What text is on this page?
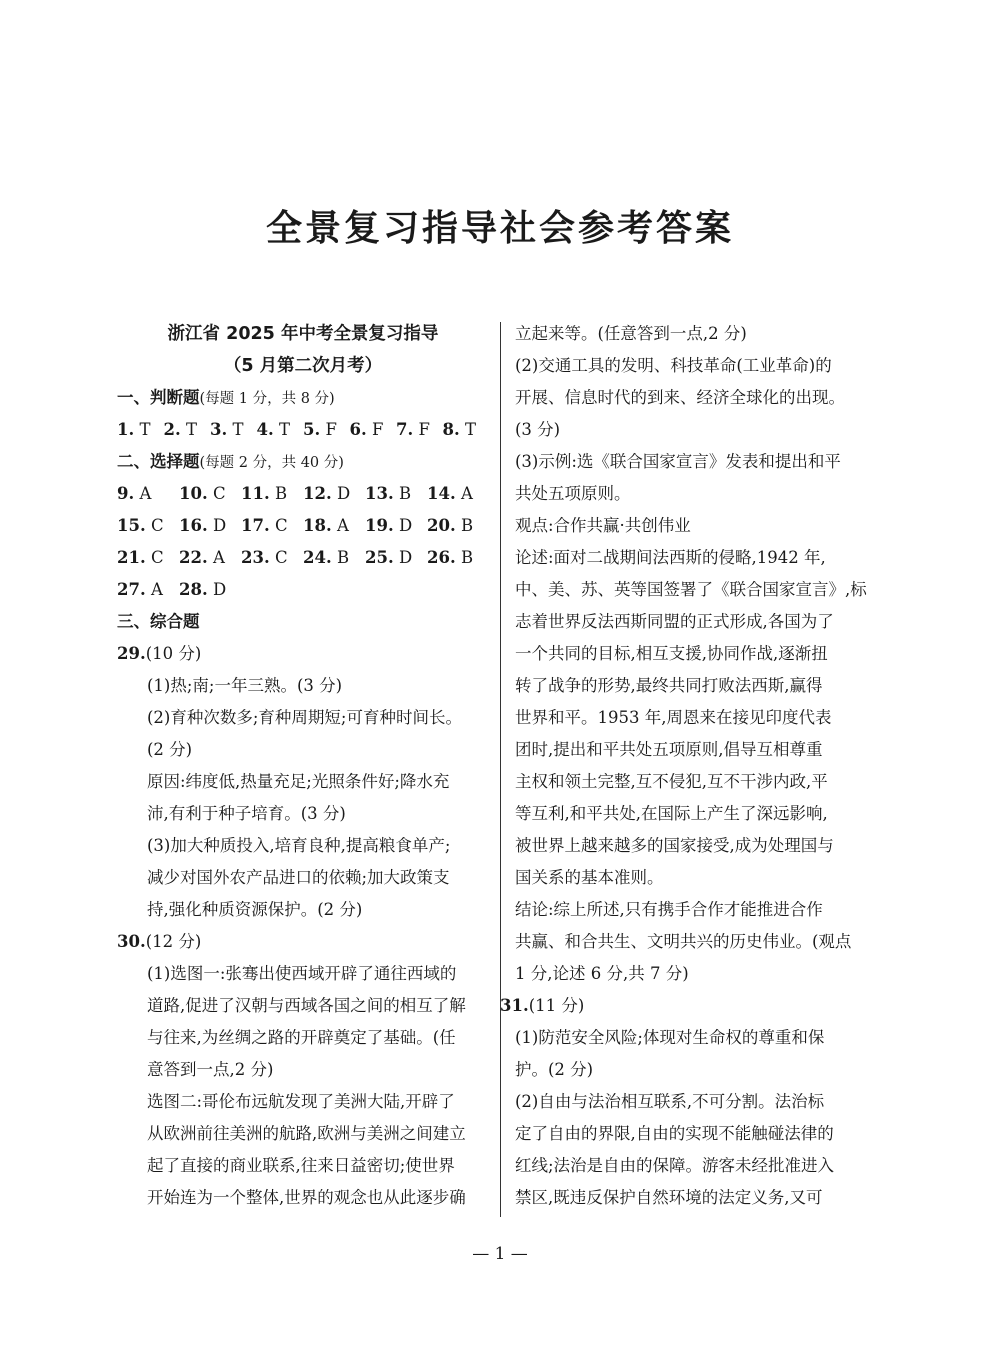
全景复习指导社会参考答案
浙江省 2025 年中考全景复习指导
（5 月第二次月考）
一、判断题(每题 1 分，共 8 分)
1. T 2. T 3. T 4. T 5. F 6. F 7. F 8. T
二、选择题(每题 2 分，共 40 分)
9. A	10. C 11. B 12. D 13. B 14. A
15. C 16. D 17. C 18. A 19. D 20. B
21. C 22. A 23. C 24. B 25. D 26. B
27. A 28. D
三、综合题
29.(10 分)
(1)热;南;一年三熟。(3 分)
(2)育种次数多;育种周期短;可育种时间长。
(2 分)
原因:纬度低,热量充足;光照条件好;降水充
沛,有利于种子培育。(3 分)
(3)加大种质投入,培育良种,提高粮食单产;
减少对国外农产品进口的依赖;加大政策支
持,强化种质资源保护。(2 分)
30.(12 分)
(1)选图一:张骞出使西域开辟了通往西域的
道路,促进了汉朝与西域各国之间的相互了解
与往来,为丝绸之路的开辟奠定了基础。(任
意答到一点,2 分)
选图二:哥伦布远航发现了美洲大陆,开辟了
从欧洲前往美洲的航路,欧洲与美洲之间建立
起了直接的商业联系,往来日益密切;使世界
开始连为一个整体,世界的观念也从此逐步确
立起来等。(任意答到一点,2 分)
(2)交通工具的发明、科技革命(工业革命)的
开展、信息时代的到来、经济全球化的出现。
(3 分)
(3)示例:选《联合国家宣言》发表和提出和平
共处五项原则。
观点:合作共赢·共创伟业
论述:面对二战期间法西斯的侵略,1942 年,
中、美、苏、英等国签署了《联合国家宣言》,标
志着世界反法西斯同盟的正式形成,各国为了
一个共同的目标,相互支援,协同作战,逐渐扭
转了战争的形势,最终共同打败法西斯,赢得
世界和平。1953 年,周恩来在接见印度代表
团时,提出和平共处五项原则,倡导互相尊重
主权和领土完整,互不侵犯,互不干涉内政,平
等互利,和平共处,在国际上产生了深远影响,
被世界上越来越多的国家接受,成为处理国与
国关系的基本准则。
结论:综上所述,只有携手合作才能推进合作
共赢、和合共生、文明共兴的历史伟业。(观点
1 分,论述 6 分,共 7 分)
31.(11 分)
(1)防范安全风险;体现对生命权的尊重和保
护。(2 分)
(2)自由与法治相互联系,不可分割。法治标
定了自由的界限,自由的实现不能触碰法律的
红线;法治是自由的保障。游客未经批准进入
禁区,既违反保护自然环境的法定义务,又可
— 1 —
